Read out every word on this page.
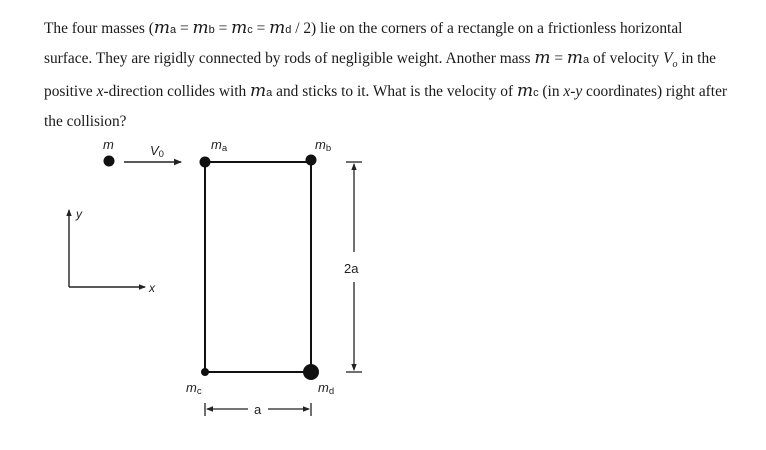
The four masses (ma = mb = mc = md / 2) lie on the corners of a rectangle on a frictionless horizontal surface. They are rigidly connected by rods of negligible weight. Another mass m = ma of velocity $V_o$ in the positive x-direction collides with ma and sticks to it. What is the velocity of mc (in x-y coordinates) right after the collision?

m	V0
ma	mb
mc	md
2a
a
y
x
